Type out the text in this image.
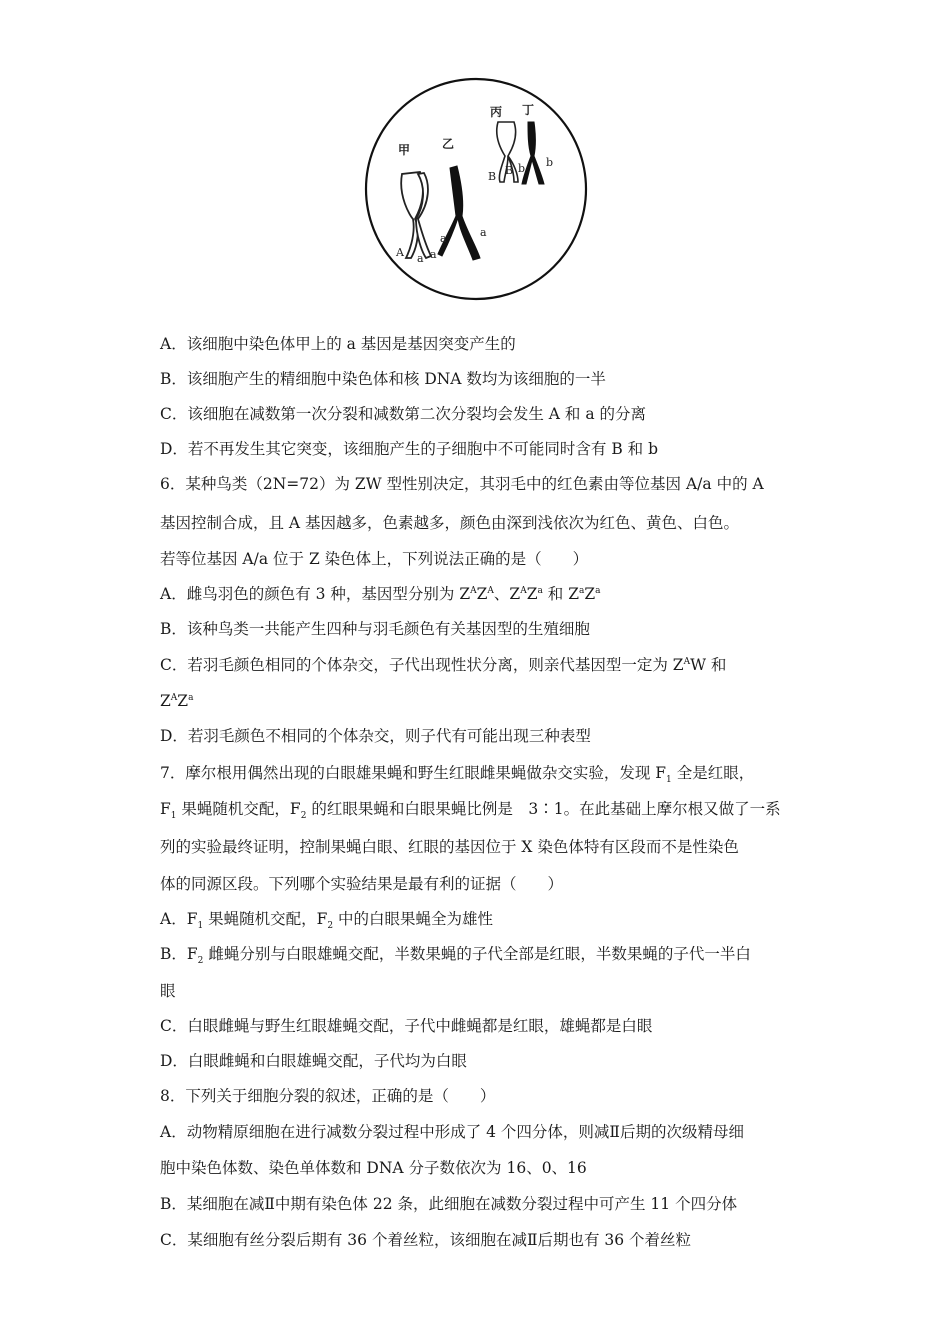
甲	乙
丙 丁
A a a
a	a
B B b b
A．该细胞中染色体甲上的 a 基因是基因突变产生的
B．该细胞产生的精细胞中染色体和核 DNA 数均为该细胞的一半
C．该细胞在减数第一次分裂和减数第二次分裂均会发生 A 和 a 的分离
D．若不再发生其它突变，该细胞产生的子细胞中不可能同时含有 B 和 b
6．某种鸟类（2N=72）为 ZW 型性别决定，其羽毛中的红色素由等位基因 A/a 中的 A
基因控制合成，且 A 基因越多，色素越多，颜色由深到浅依次为红色、黄色、白色。
若等位基因 A/a 位于 Z 染色体上，下列说法正确的是（　　）
A．雌鸟羽色的颜色有 3 种，基因型分别为 $Z^AZ^A$、$Z^AZ^a$ 和 $Z^aZ^a$
B．该种鸟类一共能产生四种与羽毛颜色有关基因型的生殖细胞
C．若羽毛颜色相同的个体杂交，子代出现性状分离，则亲代基因型一定为 $Z^AW$ 和
$Z^AZ^a$
D．若羽毛颜色不相同的个体杂交，则子代有可能出现三种表型
7．摩尔根用偶然出现的白眼雄果蝇和野生红眼雌果蝇做杂交实验，发现 $F_1$ 全是红眼，
$F_1$ 果蝇随机交配，$F_2$ 的红眼果蝇和白眼果蝇比例是　3∶1。在此基础上摩尔根又做了一系
列的实验最终证明，控制果蝇白眼、红眼的基因位于 X 染色体特有区段而不是性染色
体的同源区段。下列哪个实验结果是最有利的证据（　　）
A．$F_1$ 果蝇随机交配，$F_2$ 中的白眼果蝇全为雄性
B．$F_2$ 雌蝇分别与白眼雄蝇交配，半数果蝇的子代全部是红眼，半数果蝇的子代一半白
眼
C．白眼雌蝇与野生红眼雄蝇交配，子代中雌蝇都是红眼，雄蝇都是白眼
D．白眼雌蝇和白眼雄蝇交配，子代均为白眼
8．下列关于细胞分裂的叙述，正确的是（　　）
A．动物精原细胞在进行减数分裂过程中形成了 4 个四分体，则减Ⅱ后期的次级精母细
胞中染色体数、染色单体数和 DNA 分子数依次为 16、0、16
B．某细胞在减Ⅱ中期有染色体 22 条，此细胞在减数分裂过程中可产生 11 个四分体
C．某细胞有丝分裂后期有 36 个着丝粒，该细胞在减Ⅱ后期也有 36 个着丝粒
